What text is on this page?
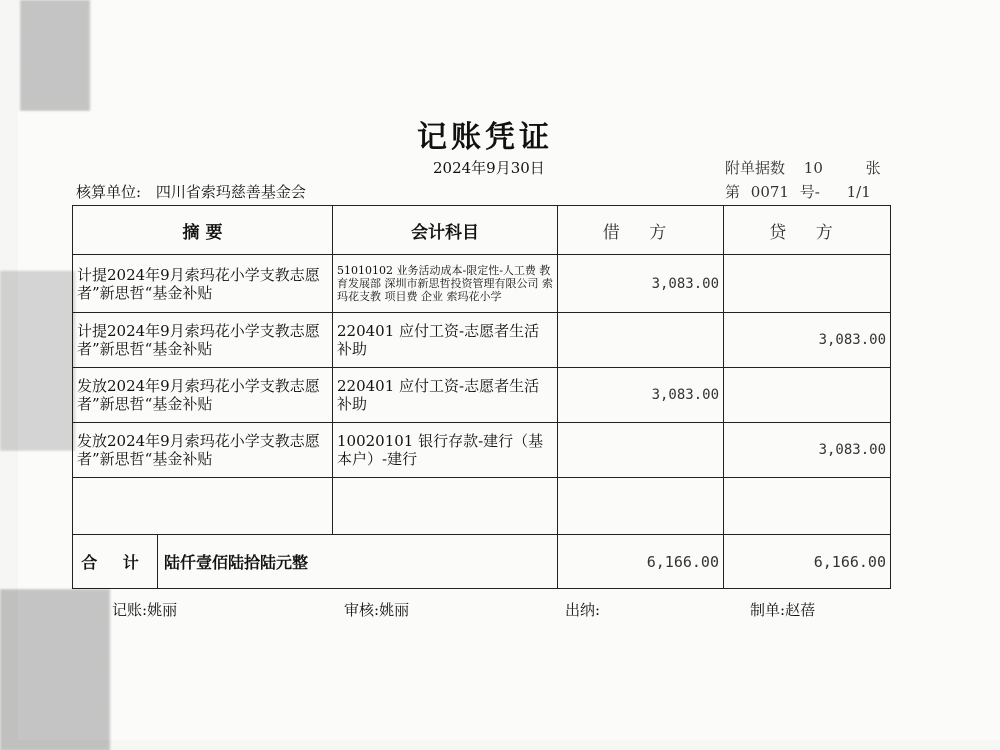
记账凭证
2024年9月30日	附单据数 10	张
核算单位: 四川省索玛慈善基金会	第 0071 号- 1/1
摘 要	会计科目	借 方	贷 方
计提2024年9月索玛花小学支教志愿者”新思哲“基金补贴	51010102 业务活动成本-限定性-人工费 教育发展部 深圳市新思哲投资管理有限公司 索玛花支教 项目费 企业 索玛花小学	3,083.00	
计提2024年9月索玛花小学支教志愿者”新思哲“基金补贴	220401 应付工资-志愿者生活补助		3,083.00
发放2024年9月索玛花小学支教志愿者”新思哲“基金补贴	220401 应付工资-志愿者生活补助	3,083.00	
发放2024年9月索玛花小学支教志愿者”新思哲“基金补贴	10020101 银行存款-建行（基本户）-建行		3,083.00

合 计 陆仟壹佰陆拾陆元整		6,166.00	6,166.00
记账:姚丽	审核:姚丽	出纳:	制单:赵蓓
